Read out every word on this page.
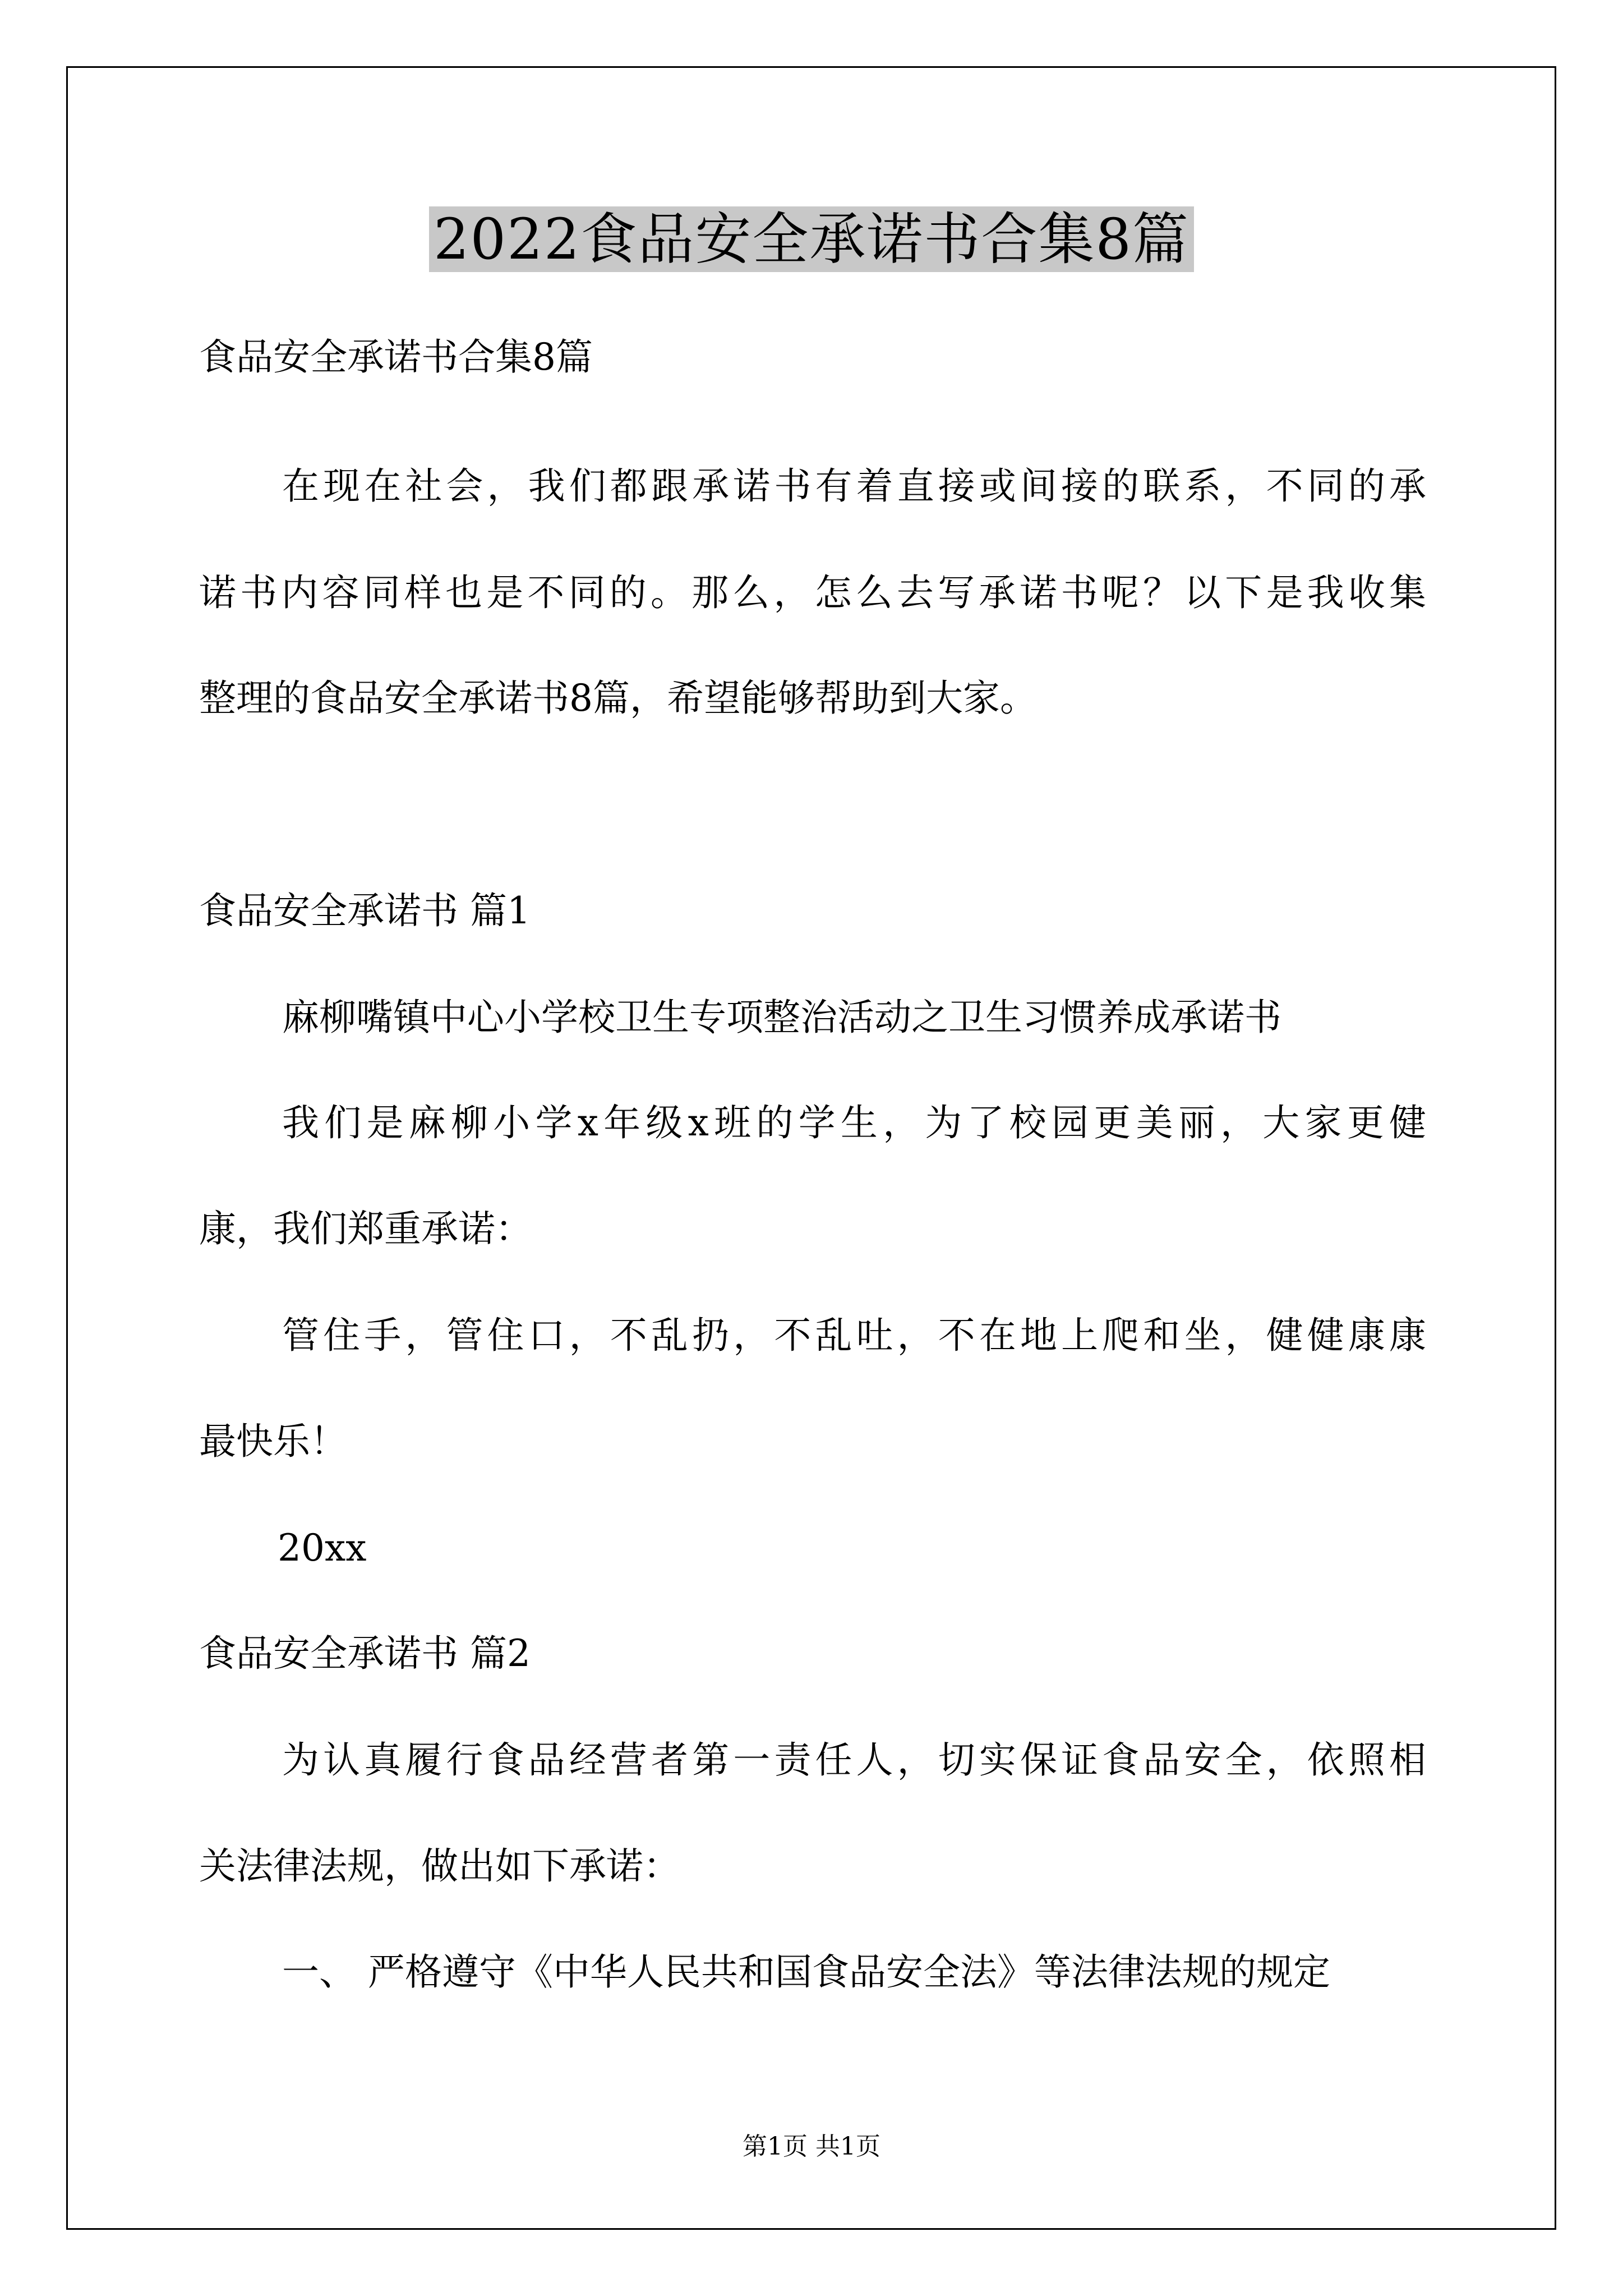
2022食品安全承诺书合集8篇
食品安全承诺书合集8篇
在现在社会，我们都跟承诺书有着直接或间接的联系，不同的承
诺书内容同样也是不同的。那么，怎么去写承诺书呢？以下是我收集
整理的食品安全承诺书8篇，希望能够帮助到大家。
食品安全承诺书 篇1
麻柳嘴镇中心小学校卫生专项整治活动之卫生习惯养成承诺书
我们是麻柳小学x年级x班的学生，为了校园更美丽，大家更健
康，我们郑重承诺：
管住手，管住口，不乱扔，不乱吐，不在地上爬和坐，健健康康
最快乐！
20xx
食品安全承诺书 篇2
为认真履行食品经营者第一责任人，切实保证食品安全，依照相
关法律法规，做出如下承诺：
一、 严格遵守《中华人民共和国食品安全法》等法律法规的规定
第1页 共1页
